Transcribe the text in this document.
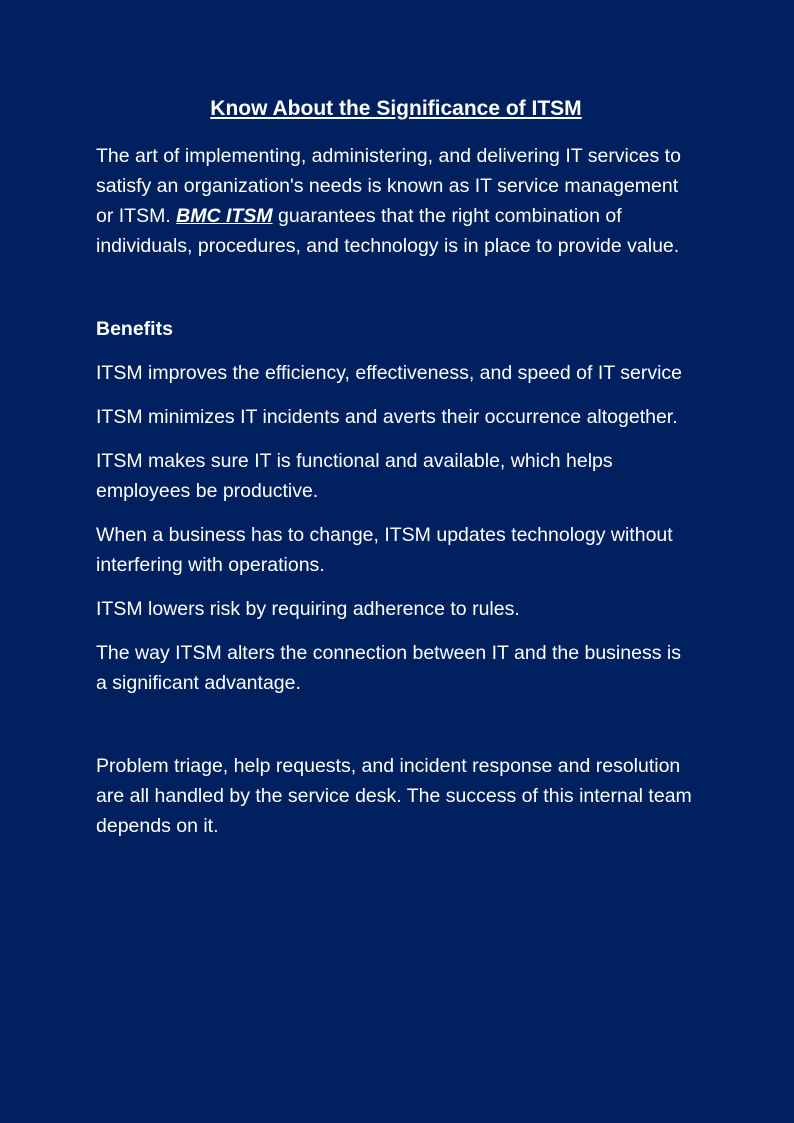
Know About the Significance of ITSM

The art of implementing, administering, and delivering IT services to satisfy an organization's needs is known as IT service management or ITSM. BMC ITSM guarantees that the right combination of individuals, procedures, and technology is in place to provide value.

Benefits

ITSM improves the efficiency, effectiveness, and speed of IT service

ITSM minimizes IT incidents and averts their occurrence altogether.

ITSM makes sure IT is functional and available, which helps employees be productive.

When a business has to change, ITSM updates technology without interfering with operations.

ITSM lowers risk by requiring adherence to rules.

The way ITSM alters the connection between IT and the business is a significant advantage.

Problem triage, help requests, and incident response and resolution are all handled by the service desk. The success of this internal team depends on it.
